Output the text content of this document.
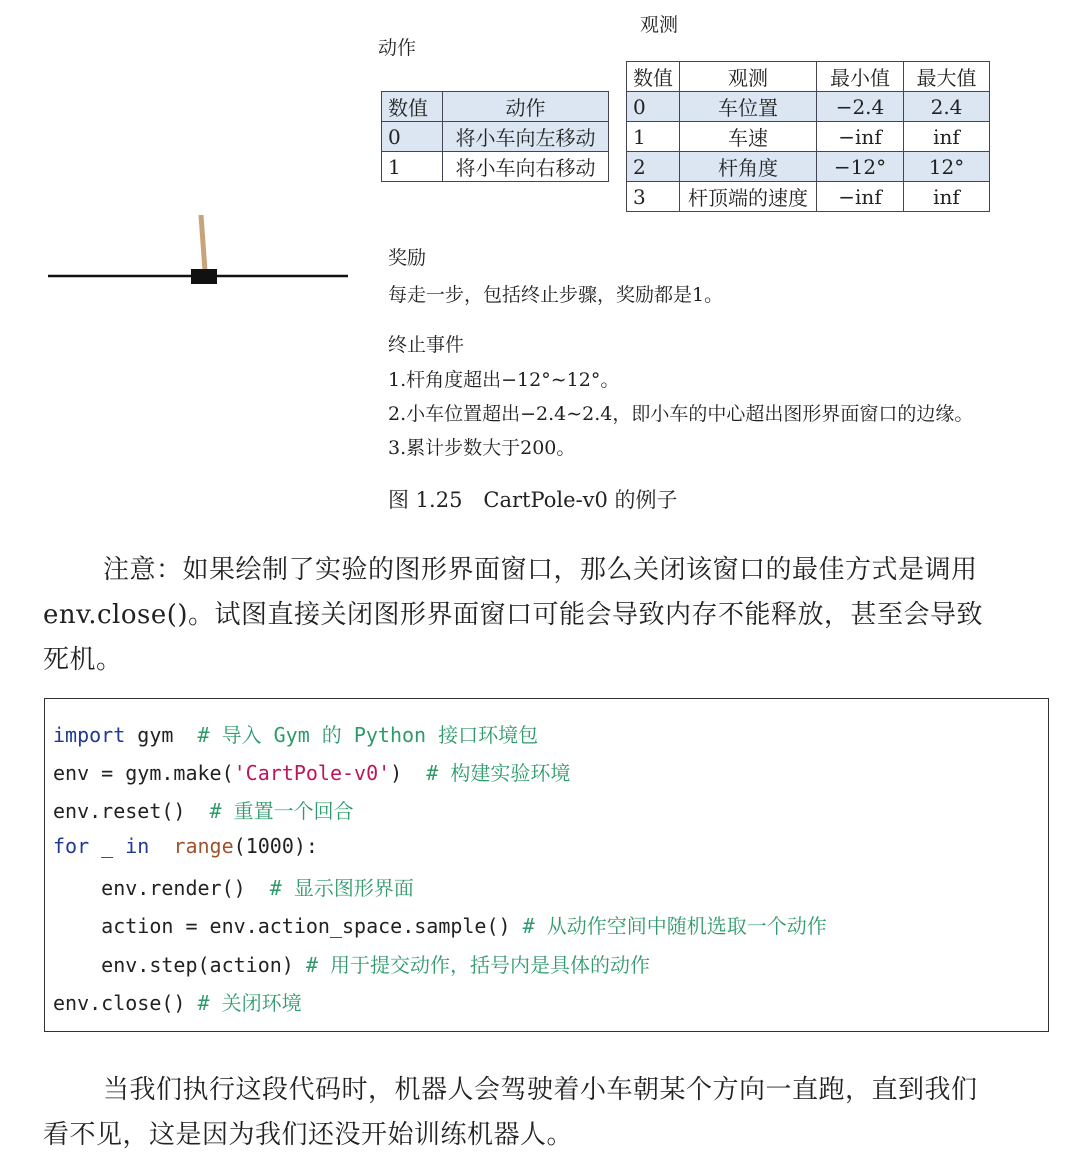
动作
数值	动作
0	将小车向左移动
1	将小车向右移动
观测
数值	观测	最小值	最大值
0	车位置	−2.4	2.4
1	车速	−inf	inf
2	杆角度	−12°	12°
3	杆顶端的速度	−inf	inf
奖励
每走一步，包括终止步骤，奖励都是1。
终止事件
1.杆角度超出−12°∼12°。
2.小车位置超出−2.4∼2.4，即小车的中心超出图形界面窗口的边缘。
3.累计步数大于200。
图 1.25　CartPole-v0 的例子
注意：如果绘制了实验的图形界面窗口，那么关闭该窗口的最佳方式是调用
env.close()。试图直接关闭图形界面窗口可能会导致内存不能释放，甚至会导致
死机。
import gym  # 导入 Gym 的 Python 接口环境包
env = gym.make('CartPole-v0')  # 构建实验环境
env.reset()  # 重置一个回合
for _ in range(1000):
env.render()  # 显示图形界面
action = env.action_space.sample() # 从动作空间中随机选取一个动作
env.step(action) # 用于提交动作，括号内是具体的动作
env.close() # 关闭环境
当我们执行这段代码时，机器人会驾驶着小车朝某个方向一直跑，直到我们
看不见，这是因为我们还没开始训练机器人。
